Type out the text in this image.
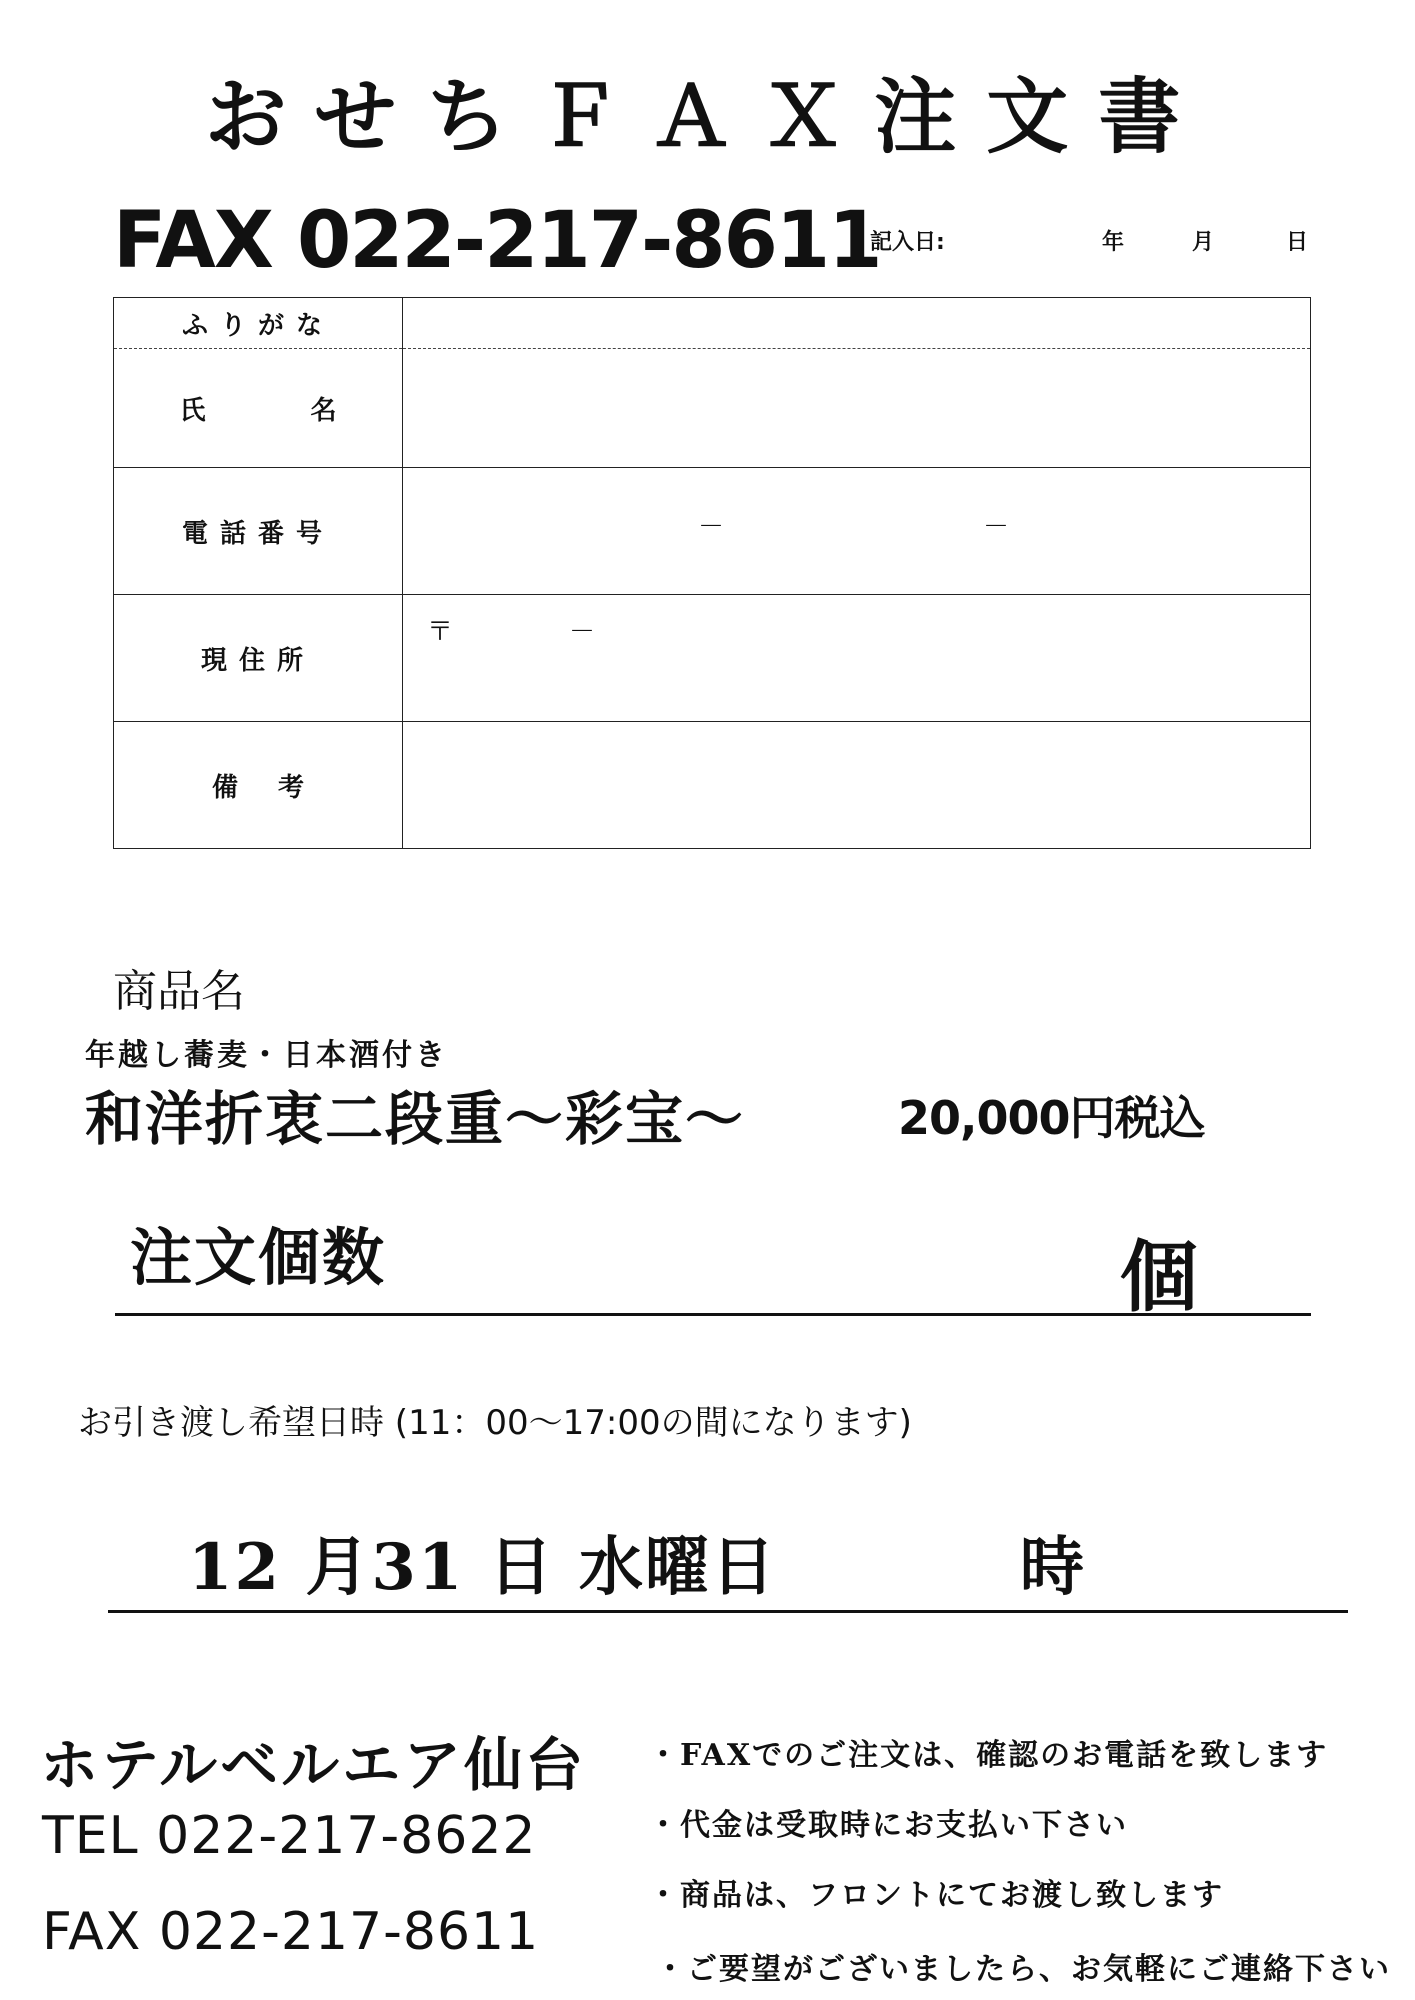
おせちＦＡＸ注文書
FAX 022-217-8611
記入日:	年	月	日
ふりがな	
氏 名	
電話番号	－ －

現住所	〒 －

備考	
商品名
年越し蕎麦・日本酒付き
和洋折衷二段重～彩宝～	20,000円税込
注文個数	個
お引き渡し希望日時 (11：00～17:00の間になります)
12 月31 日 水曜日	時
ホテルベルエア仙台
TEL 022-217-8622
FAX 022-217-8611
・FAXでのご注文は、確認のお電話を致します
・代金は受取時にお支払い下さい
・商品は、フロントにてお渡し致します
・ご要望がございましたら、お気軽にご連絡下さい
